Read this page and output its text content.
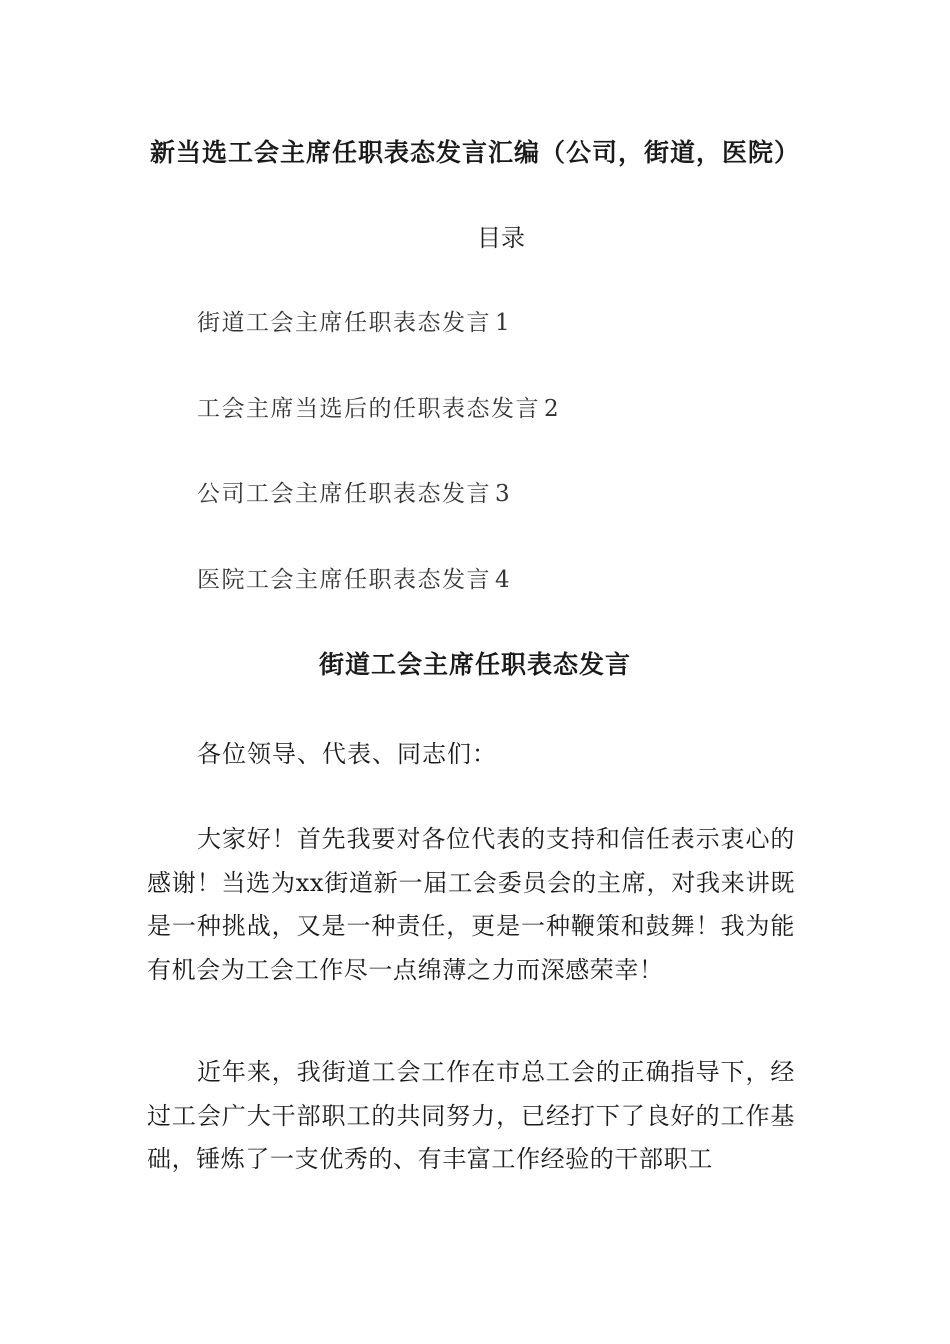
新当选工会主席任职表态发言汇编（公司，街道，医院）
目录
街道工会主席任职表态发言 1
工会主席当选后的任职表态发言 2
公司工会主席任职表态发言 3
医院工会主席任职表态发言 4
街道工会主席任职表态发言
各位领导、代表、同志们：

大家好！首先我要对各位代表的支持和信任表示衷心的感谢！当选为xx街道新一届工会委员会的主席，对我来讲既是一种挑战，又是一种责任，更是一种鞭策和鼓舞！我为能有机会为工会工作尽一点绵薄之力而深感荣幸！

近年来，我街道工会工作在市总工会的正确指导下，经过工会广大干部职工的共同努力，已经打下了良好的工作基础，锤炼了一支优秀的、有丰富工作经验的干部职工
